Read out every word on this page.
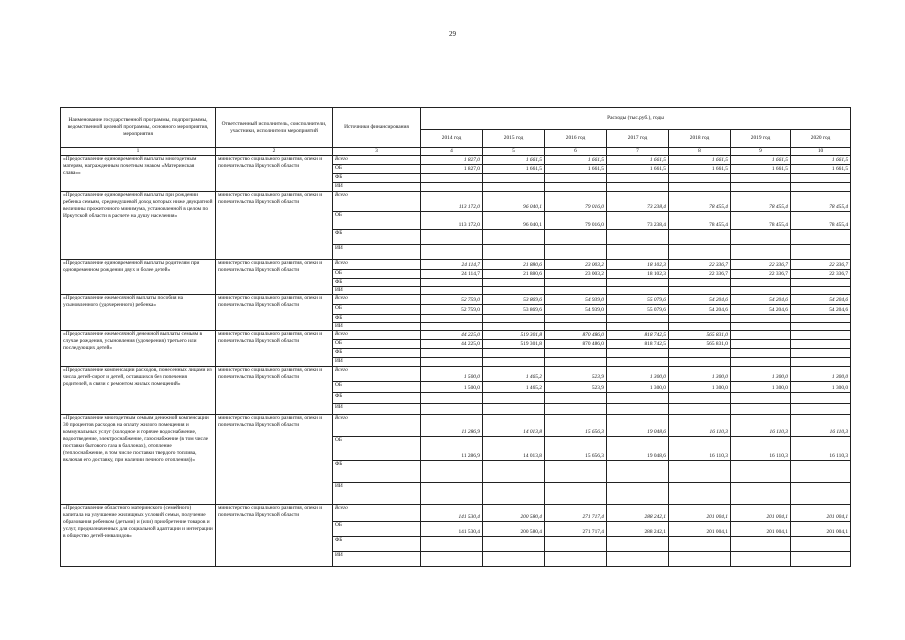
29
Наименование государственной программы, подпрограммы, ведомственной целевой программы, основного мероприятия, мероприятия	Ответственный исполнитель, соисполнители, участники, исполнители мероприятий	Источники финансирования	Расходы (тыс.руб.), годы						
			2014 год	2015 год	2016 год	2017 год	2018 год	2019 год	2020 год
1	2	3	4	5	6	7	8	9	10
«Предоставление единовременной выплаты многодетным матерям, награжденным почетным знаком «Материнская слава»»	министерство социального развития, опеки и попечительства Иркутской области	Всего	1 827,0	1 661,5	1 661,5	1 661,5	1 661,5	1 661,5	1 661,5
		ОБ	1 827,0	1 661,5	1 661,5	1 661,5	1 661,5	1 661,5	1 661,5
		ФБ							
		ИИ							
«Предоставление единовременной выплаты при рождении ребенка семьям, среднедушевой доход которых ниже двукратной величины прожиточного минимума, установленной в целом по Иркутской области в расчете на душу населения»	министерство социального развития, опеки и попечительства Иркутской области	Всего	113 172,0	96 040,1	79 016,0	73 238,4	78 455,4	78 455,4	78 455,4
		ОБ	113 172,0	96 040,1	79 016,0	73 238,4	78 455,4	78 455,4	78 455,4
		ФБ							
		ИИ							
«Предоставление единовременной выплаты родителям при одновременном рождении двух и более детей»	министерство социального развития, опеки и попечительства Иркутской области	Всего	24 114,7	21 880,6	23 003,2	18 102,3	22 336,7	22 336,7	22 336,7
		ОБ	24 114,7	21 880,6	23 003,2	18 102,3	22 336,7	22 336,7	22 336,7
		ФБ							
		ИИ							
«Предоставление ежемесячной выплаты пособия на усыновленного (удочеренного) ребенка»	министерство социального развития, опеки и попечительства Иркутской области	Всего	52 759,0	53 869,6	54 939,0	55 079,6	54 204,6	54 204,6	54 204,6
		ОБ	52 759,0	53 869,6	54 939,0	55 079,6	54 204,6	54 204,6	54 204,6
		ФБ							
		ИИ							
«Предоставление ежемесячной денежной выплаты семьям в случае рождения, усыновления (удочерения) третьего или последующих детей»	министерство социального развития, опеки и попечительства Иркутской области	Всего	44 225,0	519 301,8	870 486,0	818 742,5	565 831,0		
		ОБ	44 225,0	519 301,8	870 486,0	818 742,5	565 831,0		
		ФБ							
		ИИ							
«Предоставление компенсации расходов, понесенных лицами из числа детей-сирот и детей, оставшихся без попечения родителей, в связи с ремонтом жилых помещений»	министерство социального развития, опеки и попечительства Иркутской области	Всего	1 500,0	1 465,2	523,9	1 300,0	1 300,0	1 300,0	1 300,0
		ОБ	1 500,0	1 465,2	523,9	1 300,0	1 300,0	1 300,0	1 300,0
		ФБ							
		ИИ							
«Предоставление многодетным семьям денежной компенсации 30 процентов расходов на оплату жилого помещения и коммунальных услуг (холодное и горячее водоснабжение, водоотведение, электроснабжение, газоснабжение (в том числе поставки бытового газа в баллонах), отопление (теплоснабжение, в том числе поставки твердого топлива, включая его доставку, при наличии печного отопления))»	министерство социального развития, опеки и попечительства Иркутской области	Всего	11 286,9	14 013,8	15 656,3	19 048,6	16 110,3	16 110,3	16 110,3
		ОБ	11 286,9	14 013,8	15 656,3	19 048,6	16 110,3	16 110,3	16 110,3
		ФБ							
		ИИ							
«Предоставление областного материнского (семейного) капитала на улучшение жилищных условий семьи, получение образования ребенком (детьми) и (или) приобретение товаров и услуг, предназначенных для социальной адаптации и интеграции в общество детей-инвалидов»	министерство социального развития, опеки и попечительства Иркутской области	Всего	141 530,4	200 580,4	271 717,4	288 242,1	201 004,1	201 004,1	201 004,1
		ОБ	141 530,4	200 580,4	271 717,4	288 242,1	201 004,1	201 004,1	201 004,1
		ФБ							
		ИИ							
